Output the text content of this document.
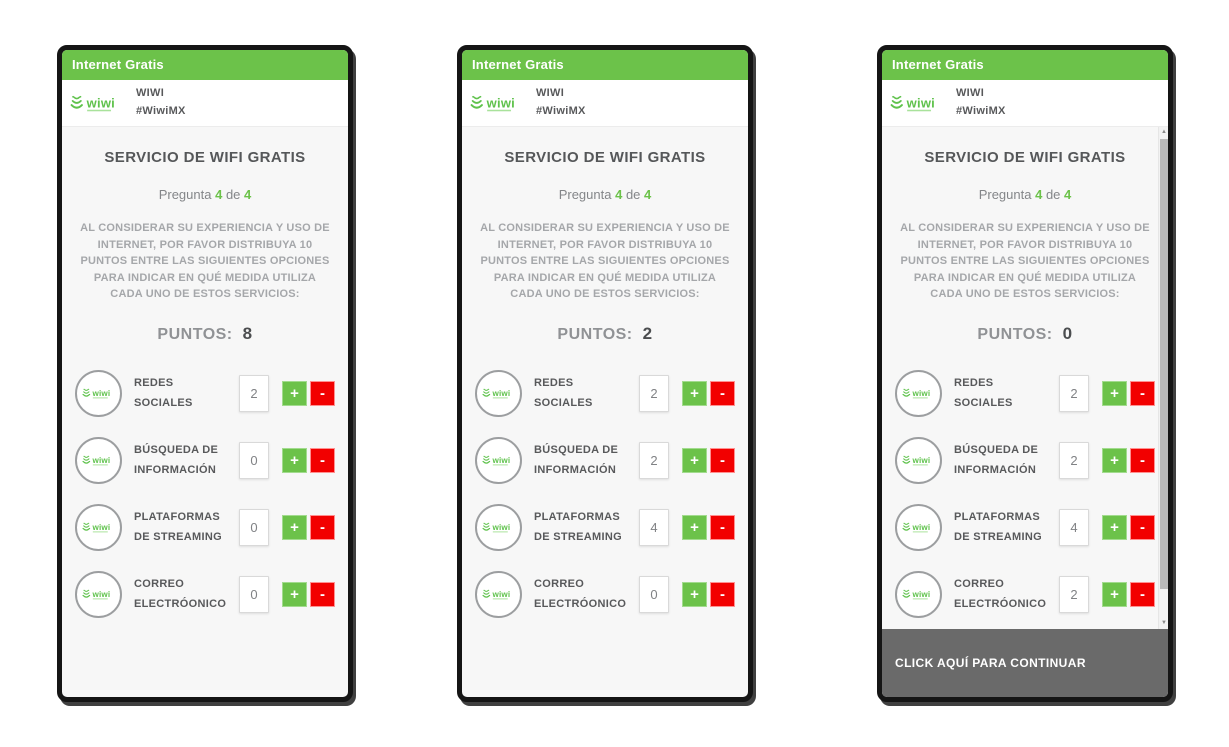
Internet Gratis
WIWI
#WiwiMX
SERVICIO DE WIFI GRATIS
Pregunta 4 de 4
AL CONSIDERAR SU EXPERIENCIA Y USO DE INTERNET, POR FAVOR DISTRIBUYA 10 PUNTOS ENTRE LAS SIGUIENTES OPCIONES PARA INDICAR EN QUÉ MEDIDA UTILIZA CADA UNO DE ESTOS SERVICIOS:
PUNTOS: 8
REDES
SOCIALES
2
+	-
BÚSQUEDA DE
INFORMACIÓN
0
+	-
PLATAFORMAS
DE STREAMING
0
+	-
CORREO
ELECTRÓONICO
0
+	-
Internet Gratis
WIWI
#WiwiMX
SERVICIO DE WIFI GRATIS
Pregunta 4 de 4
AL CONSIDERAR SU EXPERIENCIA Y USO DE INTERNET, POR FAVOR DISTRIBUYA 10 PUNTOS ENTRE LAS SIGUIENTES OPCIONES PARA INDICAR EN QUÉ MEDIDA UTILIZA CADA UNO DE ESTOS SERVICIOS:
PUNTOS: 2
REDES
SOCIALES
2
+	-
BÚSQUEDA DE
INFORMACIÓN
2
+	-
PLATAFORMAS
DE STREAMING
4
+	-
CORREO
ELECTRÓONICO
0
+	-
Internet Gratis
WIWI
#WiwiMX
SERVICIO DE WIFI GRATIS
Pregunta 4 de 4
AL CONSIDERAR SU EXPERIENCIA Y USO DE INTERNET, POR FAVOR DISTRIBUYA 10 PUNTOS ENTRE LAS SIGUIENTES OPCIONES PARA INDICAR EN QUÉ MEDIDA UTILIZA CADA UNO DE ESTOS SERVICIOS:
PUNTOS: 0
REDES
SOCIALES
2
+	-
BÚSQUEDA DE
INFORMACIÓN
2
+	-
PLATAFORMAS
DE STREAMING
4
+	-
CORREO
ELECTRÓONICO
2
+	-
▲
▼
CLICK AQUÍ PARA CONTINUAR
